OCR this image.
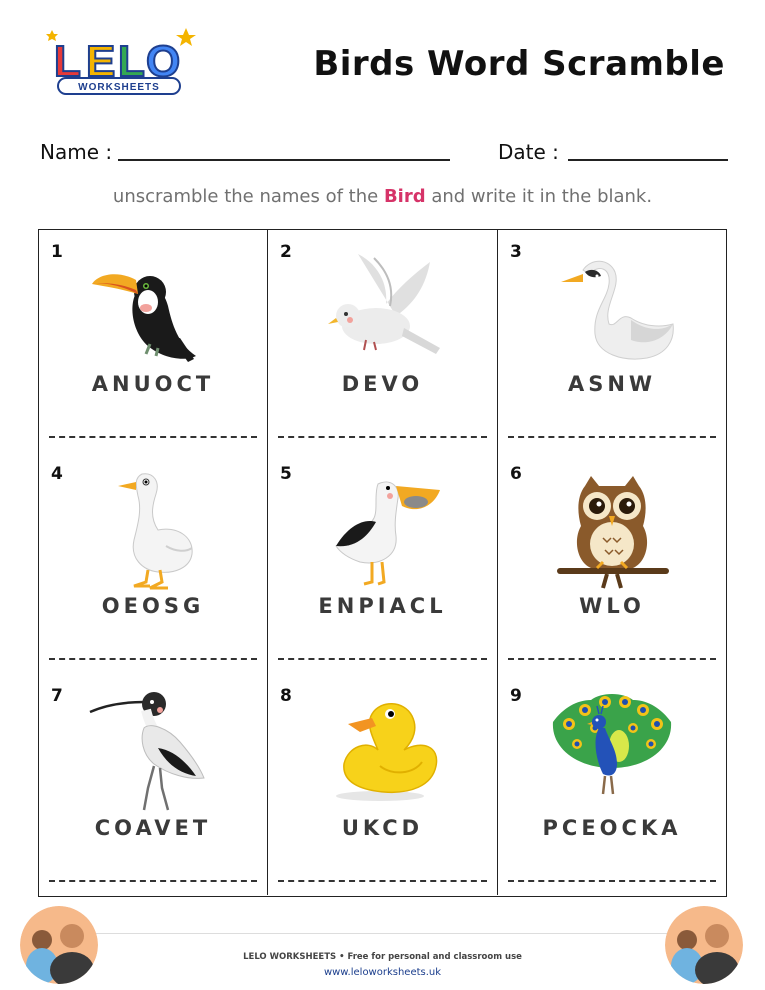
WORKSHEETS
L E L O	Birds Word Scramble
Name :	Date :
unscramble the names of the Bird and write it in the blank.
1
ANUOCT
2
DEVO
3
ASNW
4
OEOSG
5
ENPIACL
6
WLO
7
COAVET
8
UKCD
9
PCEOCKA
LELO WORKSHEETS • Free for personal and classroom use
www.leloworksheets.uk
